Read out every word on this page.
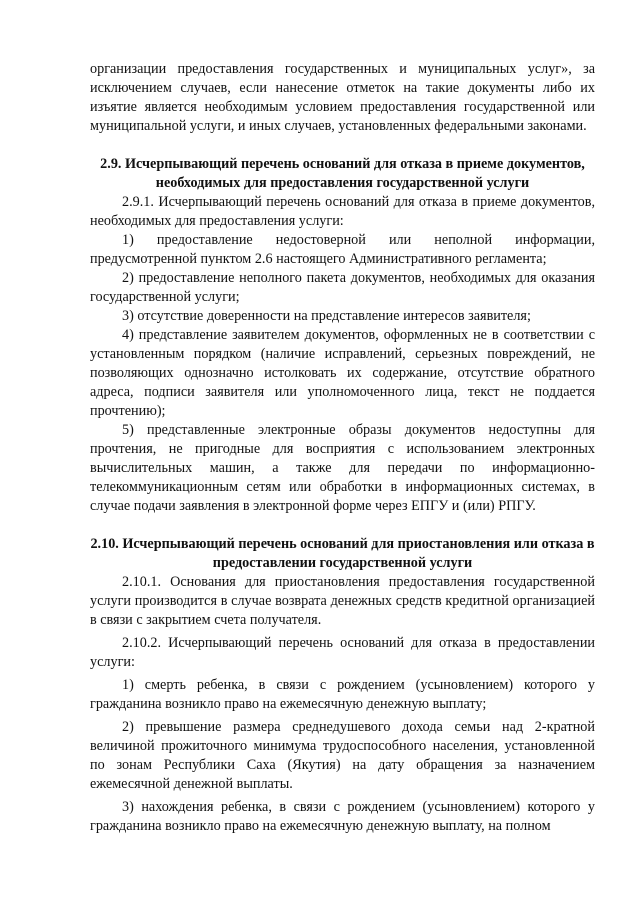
организации предоставления государственных и муниципальных услуг», за исключением случаев, если нанесение отметок на такие документы либо их изъятие является необходимым условием предоставления государственной или муниципальной услуги, и иных случаев, установленных федеральными законами.

2.9. Исчерпывающий перечень оснований для отказа в приеме документов, необходимых для предоставления государственной услуги

2.9.1. Исчерпывающий перечень оснований для отказа в приеме документов, необходимых для предоставления услуги:

1) предоставление недостоверной или неполной информации, предусмотренной пунктом 2.6 настоящего Административного регламента;

2) предоставление неполного пакета документов, необходимых для оказания государственной услуги;

3) отсутствие доверенности на представление интересов заявителя;

4) представление заявителем документов, оформленных не в соответствии с установленным порядком (наличие исправлений, серьезных повреждений, не позволяющих однозначно истолковать их содержание, отсутствие обратного адреса, подписи заявителя или уполномоченного лица, текст не поддается прочтению);

5) представленные электронные образы документов недоступны для прочтения, не пригодные для восприятия с использованием электронных вычислительных машин, а также для передачи по информационно-телекоммуникационным сетям или обработки в информационных системах, в случае подачи заявления в электронной форме через ЕПГУ и (или) РПГУ.

2.10. Исчерпывающий перечень оснований для приостановления или отказа в предоставлении государственной услуги

2.10.1. Основания для приостановления предоставления государственной услуги производится в случае возврата денежных средств кредитной организацией в связи с закрытием счета получателя.

2.10.2. Исчерпывающий перечень оснований для отказа в предоставлении услуги:

1) смерть ребенка, в связи с рождением (усыновлением) которого у гражданина возникло право на ежемесячную денежную выплату;

2) превышение размера среднедушевого дохода семьи над 2-кратной величиной прожиточного минимума трудоспособного населения, установленной по зонам Республики Саха (Якутия) на дату обращения за назначением ежемесячной денежной выплаты.

3) нахождения ребенка, в связи с рождением (усыновлением) которого у гражданина возникло право на ежемесячную денежную выплату, на полном
